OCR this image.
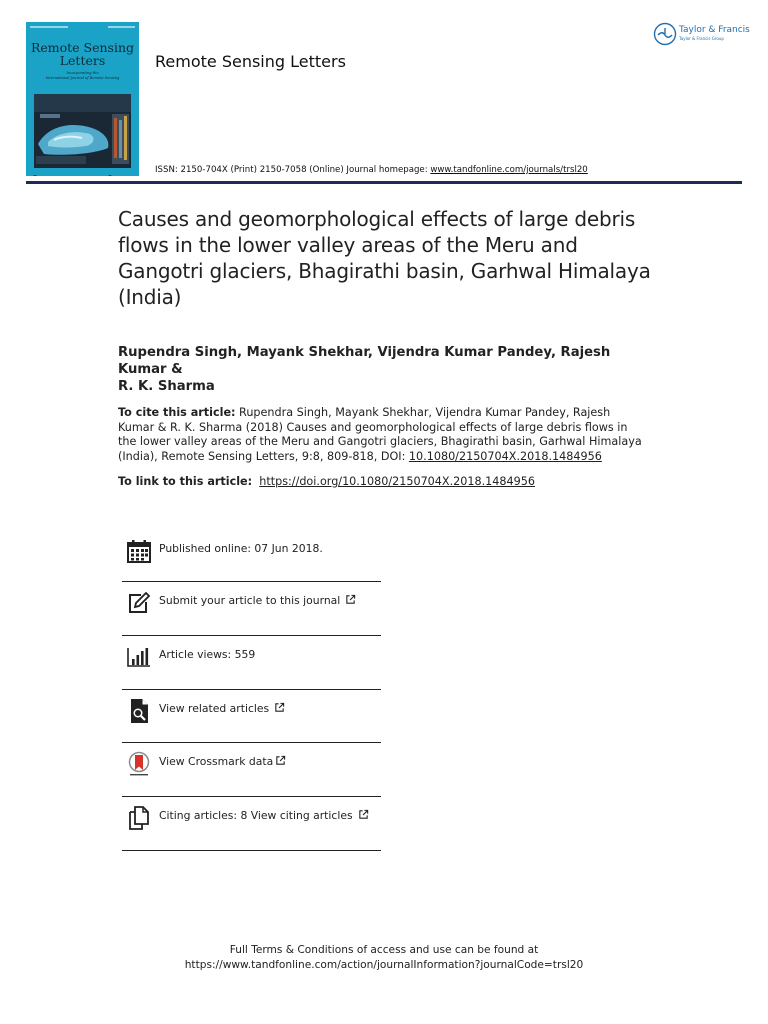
Remote Sensing
Letters
Incorporating the
International Journal of Remote Sensing
Remote Sensing Letters
Taylor & Francis
Taylor & Francis Group
ISSN: 2150-704X (Print) 2150-7058 (Online) Journal homepage: www.tandfonline.com/journals/trsl20
Causes and geomorphological effects of large debris flows in the lower valley areas of the Meru and Gangotri glaciers, Bhagirathi basin, Garhwal Himalaya (India)
Rupendra Singh, Mayank Shekhar, Vijendra Kumar Pandey, Rajesh Kumar &
R. K. Sharma
To cite this article: Rupendra Singh, Mayank Shekhar, Vijendra Kumar Pandey, Rajesh Kumar & R. K. Sharma (2018) Causes and geomorphological effects of large debris flows in the lower valley areas of the Meru and Gangotri glaciers, Bhagirathi basin, Garhwal Himalaya (India), Remote Sensing Letters, 9:8, 809-818, DOI: 10.1080/2150704X.2018.1484956
To link to this article: https://doi.org/10.1080/2150704X.2018.1484956
Published online: 07 Jun 2018.
Submit your article to this journal
Article views: 559
View related articles
View Crossmark data
Citing articles: 8 View citing articles
Full Terms & Conditions of access and use can be found at
https://www.tandfonline.com/action/journalInformation?journalCode=trsl20
